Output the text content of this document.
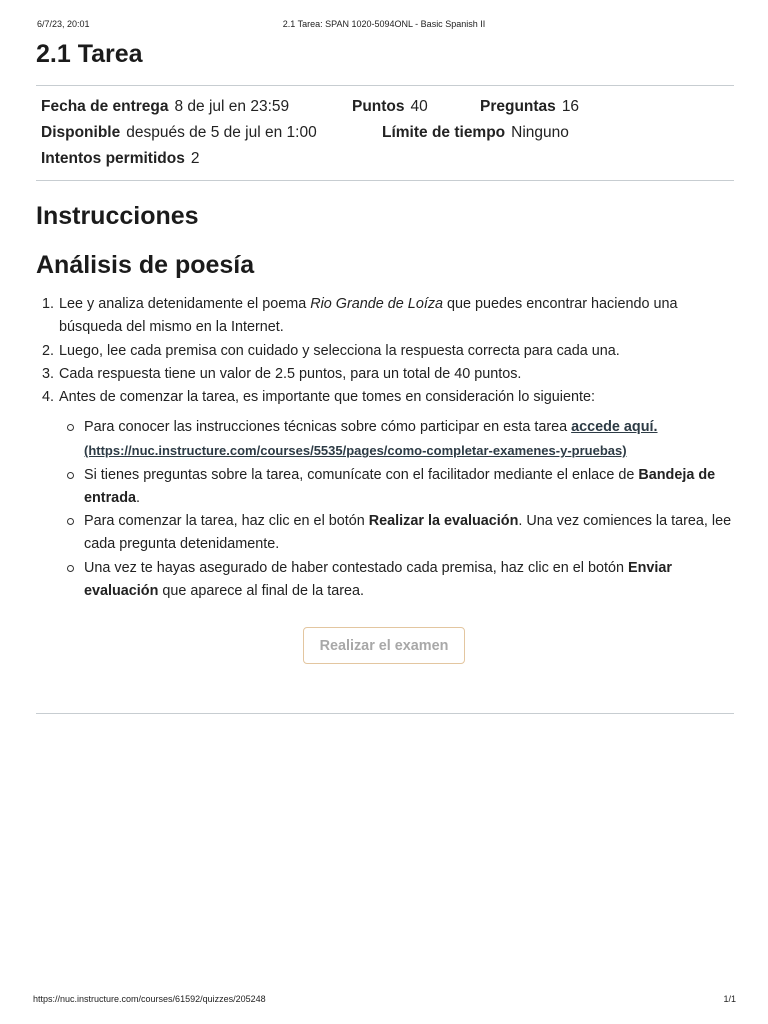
6/7/23, 20:01	2.1 Tarea: SPAN 1020-5094ONL - Basic Spanish II
2.1 Tarea
Fecha de entrega 8 de jul en 23:59	Puntos 40	Preguntas 16
Disponible después de 5 de jul en 1:00	Límite de tiempo Ninguno
Intentos permitidos 2
Instrucciones
Análisis de poesía
1. Lee y analiza detenidamente el poema Rio Grande de Loíza que puedes encontrar haciendo una búsqueda del mismo en la Internet.
2. Luego, lee cada premisa con cuidado y selecciona la respuesta correcta para cada una.
3. Cada respuesta tiene un valor de 2.5 puntos, para un total de 40 puntos.
4. Antes de comenzar la tarea, es importante que tomes en consideración lo siguiente:
Para conocer las instrucciones técnicas sobre cómo participar en esta tarea accede aquí.
(https://nuc.instructure.com/courses/5535/pages/como-completar-examenes-y-pruebas)
Si tienes preguntas sobre la tarea, comunícate con el facilitador mediante el enlace de Bandeja de entrada.
Para comenzar la tarea, haz clic en el botón Realizar la evaluación. Una vez comiences la tarea, lee cada pregunta detenidamente.
Una vez te hayas asegurado de haber contestado cada premisa, haz clic en el botón Enviar evaluación que aparece al final de la tarea.
Realizar el examen
https://nuc.instructure.com/courses/61592/quizzes/205248	1/1
